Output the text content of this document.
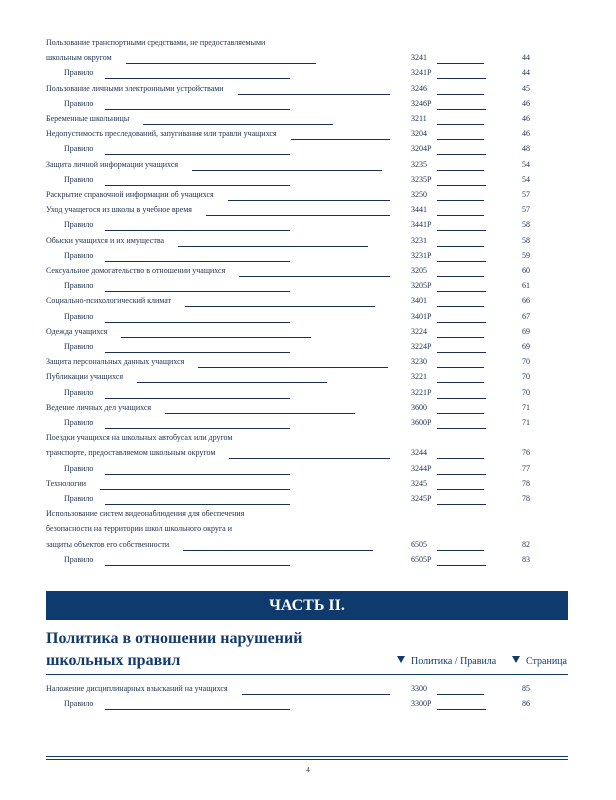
Пользование транспортными средствами, не предоставляемыми
школьным округом	3241	44
Правило	3241P	44
Пользование личными электронными устройствами	3246	45
Правило	3246P	46
Беременные школьницы	3211	46
Недопустимость преследований, запугивания или травли учащихся	3204	46
Правило	3204P	48
Защита личной информации учащихся	3235	54
Правило	3235P	54
Раскрытие справочной информации об учащихся	3250	57
Уход учащегося из школы в учебное время	3441	57
Правило	3441P	58
Обыски учащихся и их имущества	3231	58
Правило	3231P	59
Сексуальное домогательство в отношении учащихся	3205	60
Правило	3205P	61
Социально-психологический климат	3401	66
Правило	3401P	67
Одежда учащихся	3224	69
Правило	3224P	69
Защита персональных данных учащихся	3230	70
Публикации учащихся	3221	70
Правило	3221P	70
Ведение личных дел учащихся	3600	71
Правило	3600P	71
Поездки учащихся на школьных автобусах или другом
транспорте, предоставляемом школьным округом	3244	76
Правило	3244P	77
Технологии	3245	78
Правило	3245P	78
Использование систем видеонаблюдения для обеспечения
безопасности на территории школ школьного округа и
защиты объектов его собственности	6505	82
Правило	6505P	83
ЧАСТЬ II.
Политика в отношении нарушений
школьных правил	Политика / Правила	Страница
Наложение дисциплинарных взысканий на учащихся	3300	85
Правило	3300P	86
4
